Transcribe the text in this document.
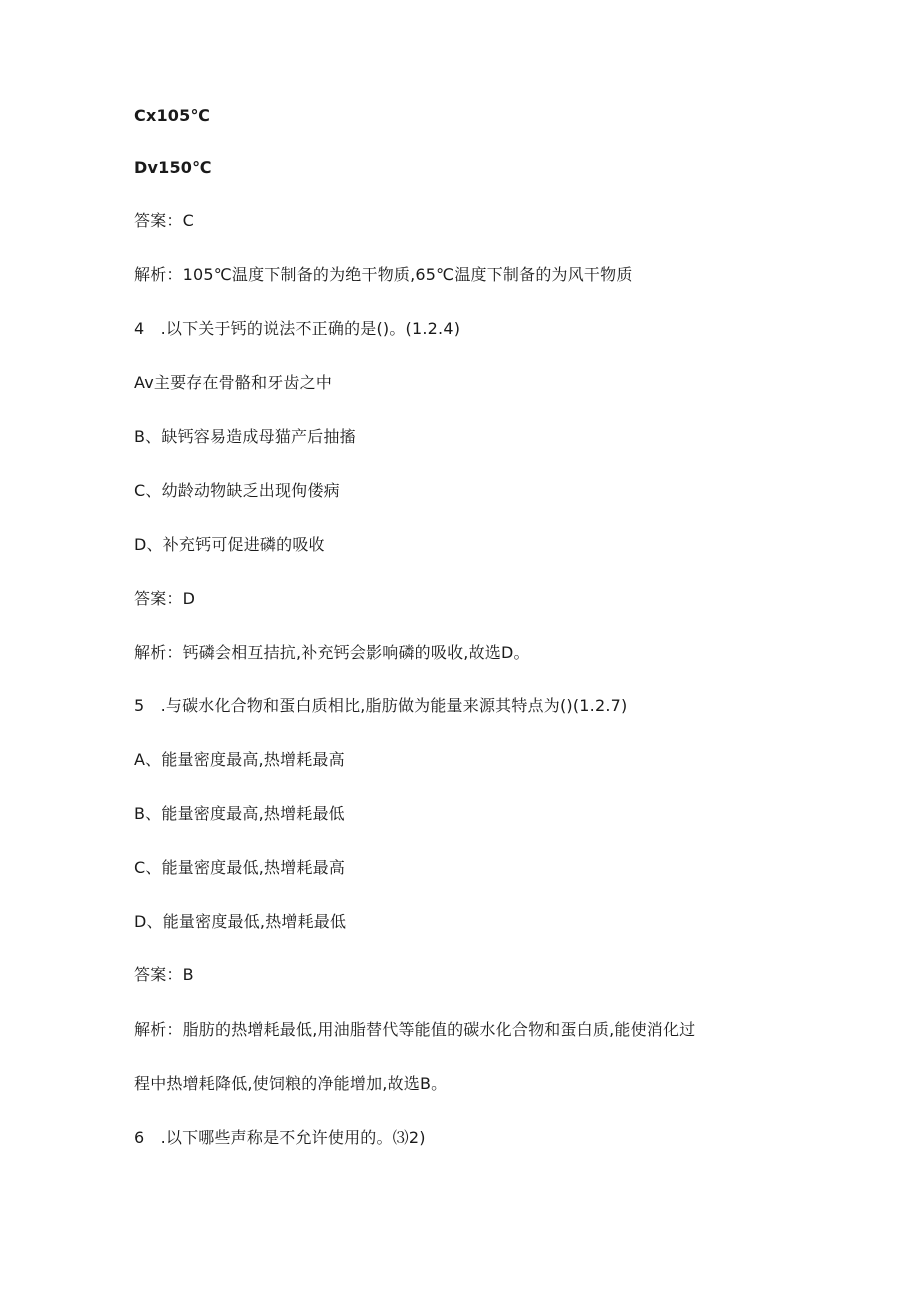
Cx105℃
Dv150℃
答案：C
解析：105℃温度下制备的为绝干物质,65℃温度下制备的为风干物质
4　.以下关于钙的说法不正确的是()。(1.2.4)
Av主要存在骨骼和牙齿之中
B、缺钙容易造成母猫产后抽搐
C、幼龄动物缺乏出现佝偻病
D、补充钙可促进磷的吸收
答案：D
解析：钙磷会相互拮抗,补充钙会影响磷的吸收,故选D。
5　.与碳水化合物和蛋白质相比,脂肪做为能量来源其特点为()(1.2.7)
A、能量密度最高,热增耗最高
B、能量密度最高,热增耗最低
C、能量密度最低,热增耗最高
D、能量密度最低,热增耗最低
答案：B
解析：脂肪的热增耗最低,用油脂替代等能值的碳水化合物和蛋白质,能使消化过
程中热增耗降低,使饲粮的净能增加,故选B。
6　.以下哪些声称是不允许使用的。⑶2)
